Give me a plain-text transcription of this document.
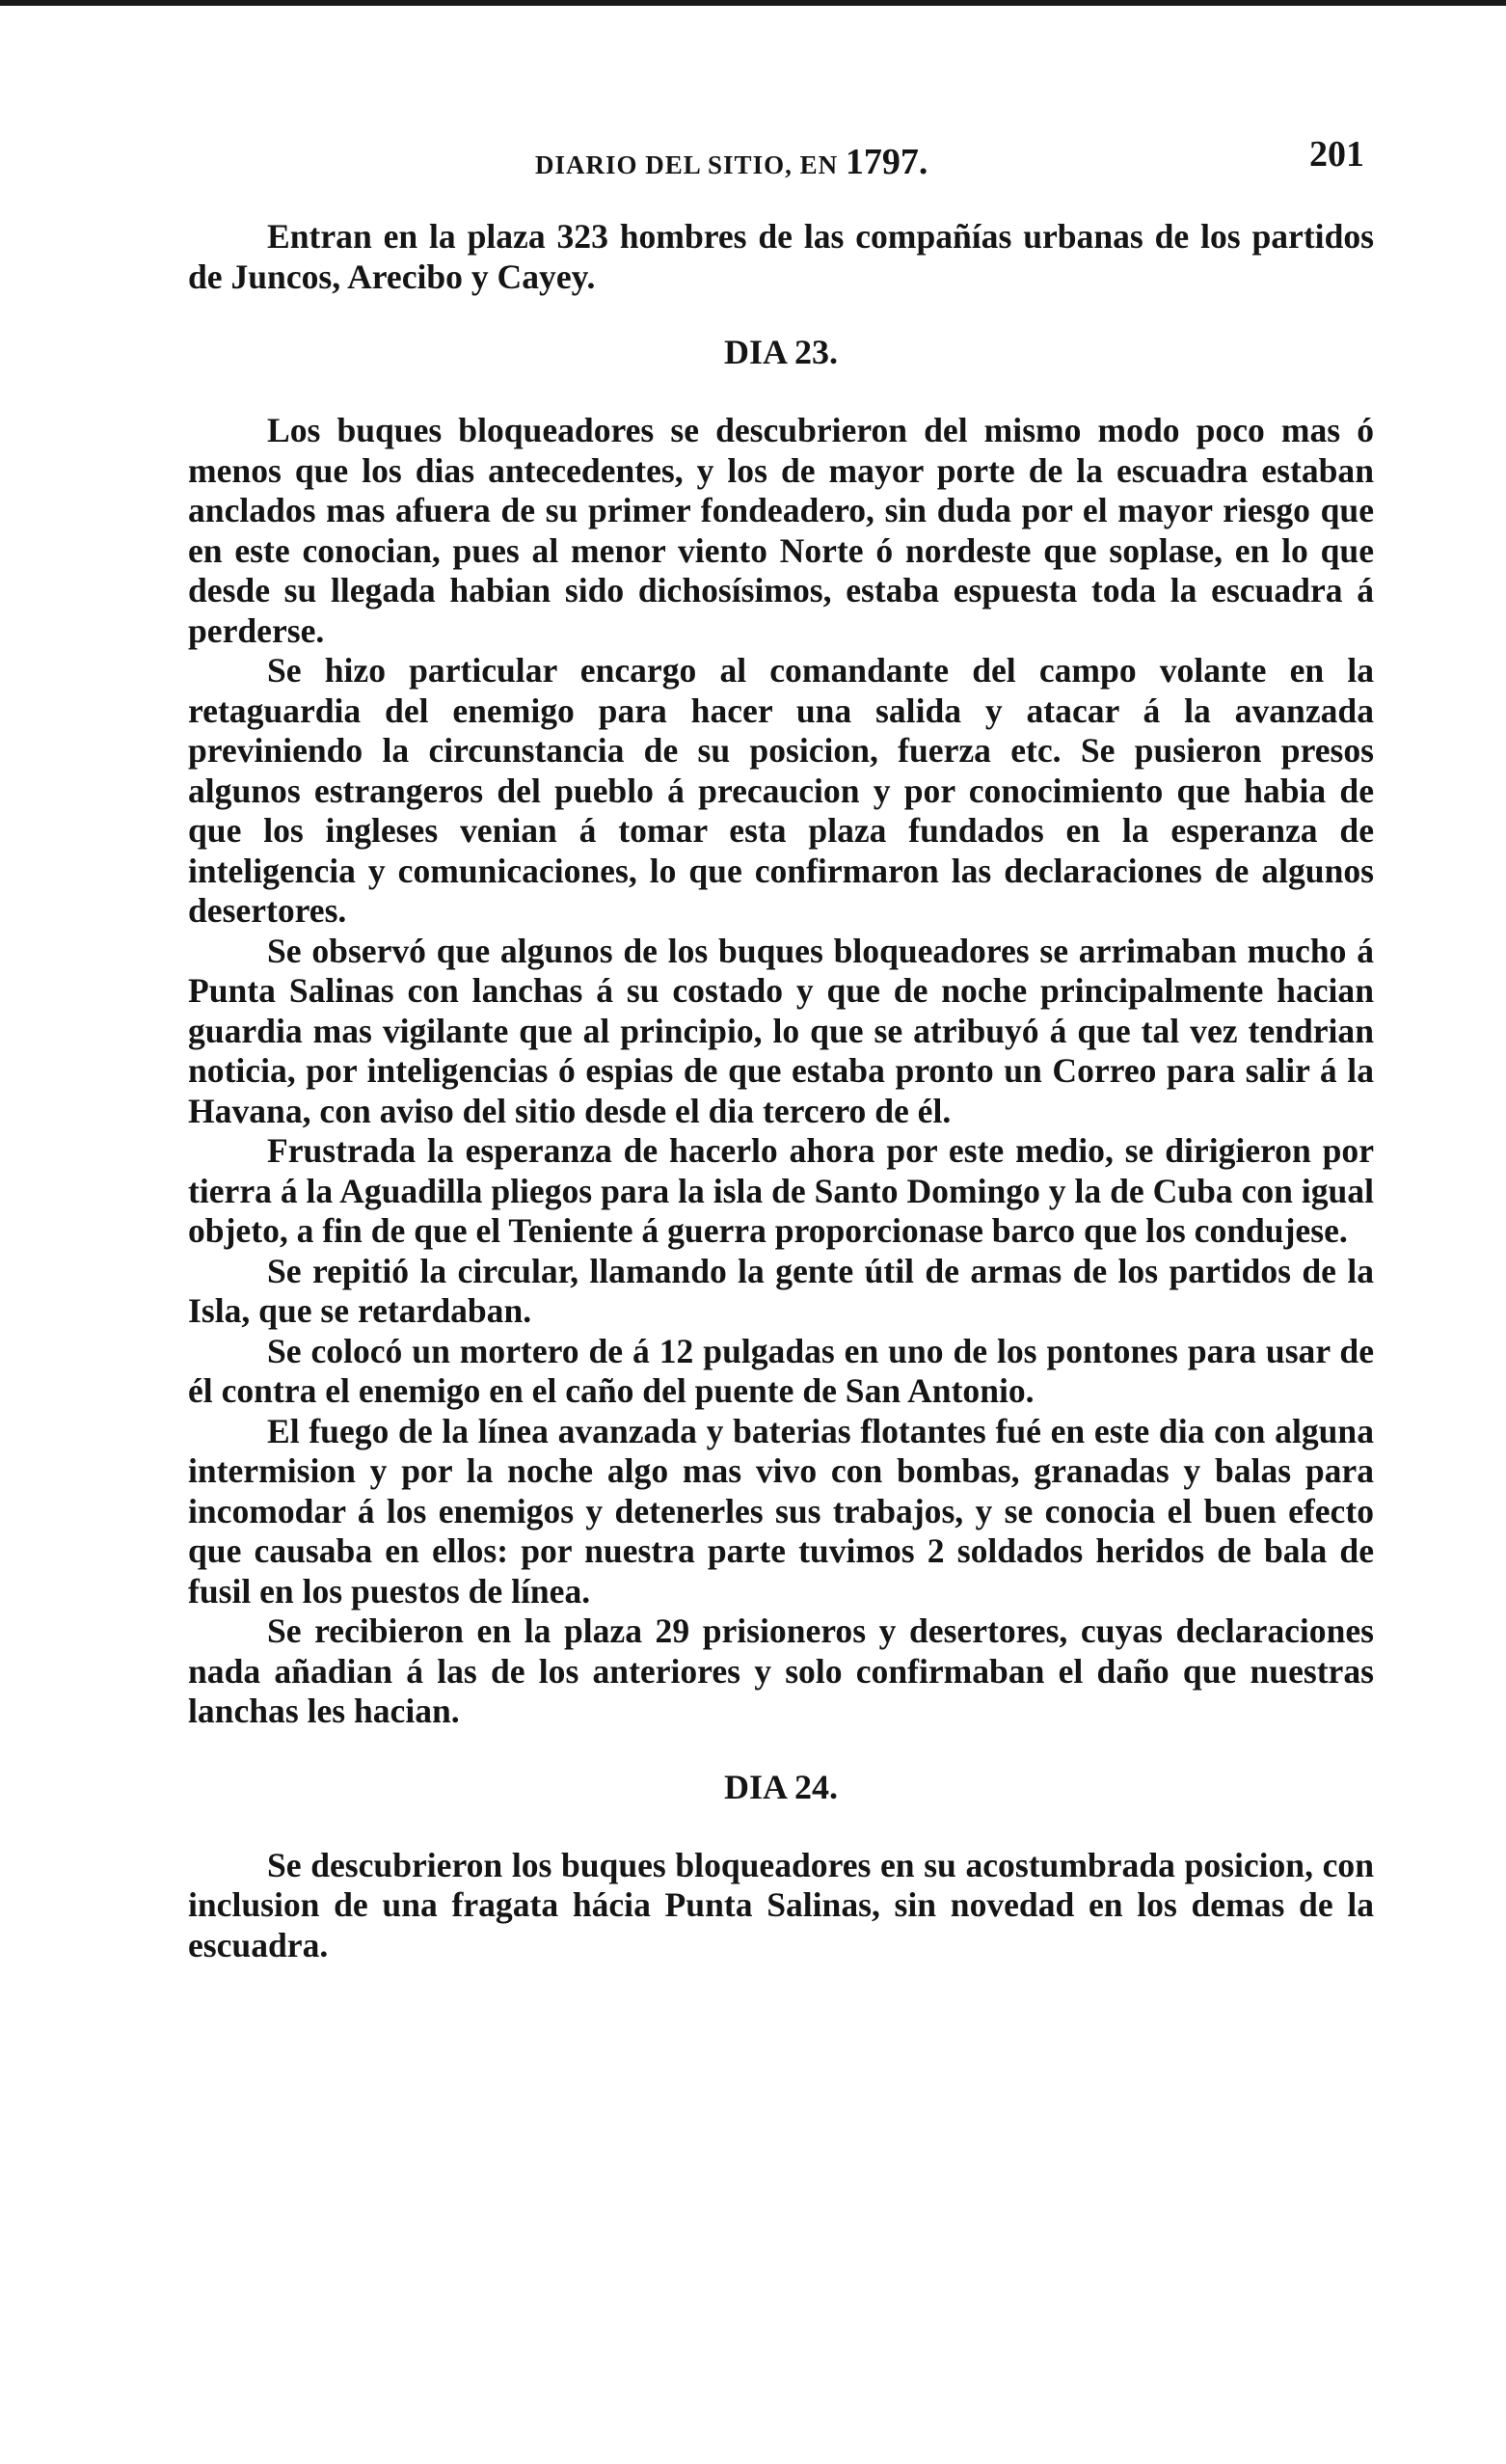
DIARIO DEL SITIO, EN 1797.	201

Entran en la plaza 323 hombres de las compañías urbanas de los partidos de Juncos, Arecibo y Cayey.

DIA 23.

Los buques bloqueadores se descubrieron del mismo modo poco mas ó menos que los dias antecedentes, y los de mayor porte de la escuadra estaban anclados mas afuera de su primer fondeadero, sin duda por el mayor riesgo que en este conocian, pues al menor viento Norte ó nordeste que soplase, en lo que desde su llegada habian sido dichosísimos, estaba espuesta toda la escuadra á perderse.

Se hizo particular encargo al comandante del campo volante en la retaguardia del enemigo para hacer una salida y atacar á la avanzada previniendo la circunstancia de su posicion, fuerza etc. Se pusieron presos algunos estrangeros del pueblo á precaucion y por conocimiento que habia de que los ingleses venian á tomar esta plaza fundados en la esperanza de inteligencia y comunicaciones, lo que confirmaron las declaraciones de algunos desertores.

Se observó que algunos de los buques bloqueadores se arrimaban mucho á Punta Salinas con lanchas á su costado y que de noche principalmente hacian guardia mas vigilante que al principio, lo que se atribuyó á que tal vez tendrian noticia, por inteligencias ó espias de que estaba pronto un Correo para salir á la Havana, con aviso del sitio desde el dia tercero de él.

Frustrada la esperanza de hacerlo ahora por este medio, se dirigieron por tierra á la Aguadilla pliegos para la isla de Santo Domingo y la de Cuba con igual objeto, a fin de que el Teniente á guerra proporcionase barco que los condujese.

Se repitió la circular, llamando la gente útil de armas de los partidos de la Isla, que se retardaban.

Se colocó un mortero de á 12 pulgadas en uno de los pontones para usar de él contra el enemigo en el caño del puente de San Antonio.

El fuego de la línea avanzada y baterias flotantes fué en este dia con alguna intermision y por la noche algo mas vivo con bombas, granadas y balas para incomodar á los enemigos y detenerles sus trabajos, y se conocia el buen efecto que causaba en ellos: por nuestra parte tuvimos 2 soldados heridos de bala de fusil en los puestos de línea.

Se recibieron en la plaza 29 prisioneros y desertores, cuyas declaraciones nada añadian á las de los anteriores y solo confirmaban el daño que nuestras lanchas les hacian.

DIA 24.

Se descubrieron los buques bloqueadores en su acostumbrada posicion, con inclusion de una fragata hácia Punta Salinas, sin novedad en los demas de la escuadra.
